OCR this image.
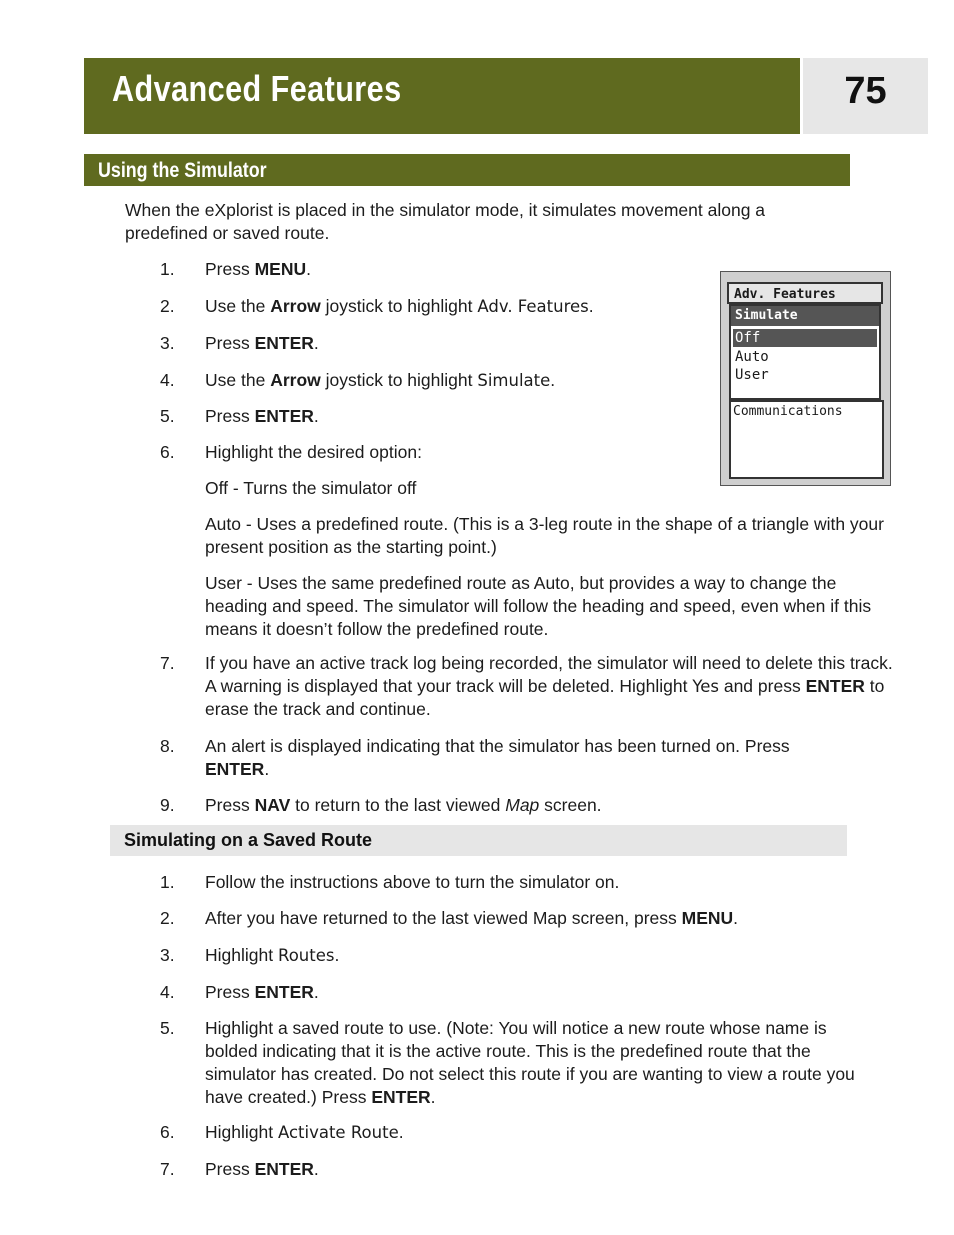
Advanced Features	75
Using the Simulator
When the eXplorist is placed in the simulator mode, it simulates movement along a predefined or saved route.
1.	Press MENU.
2.	Use the Arrow joystick to highlight Adv. Features.
3.	Press ENTER.
4.	Use the Arrow joystick to highlight Simulate.
5.	Press ENTER.
6.	Highlight the desired option:
Off - Turns the simulator off
Auto - Uses a predefined route. (This is a 3-leg route in the shape of a triangle with your present position as the starting point.)
User - Uses the same predefined route as Auto, but provides a way to change the heading and speed. The simulator will follow the heading and speed, even when if this means it doesn’t follow the predefined route.
7.	If you have an active track log being recorded, the simulator will need to delete this track. A warning is displayed that your track will be deleted. Highlight Yes and press ENTER to erase the track and continue.
8.	An alert is displayed indicating that the simulator has been turned on. Press ENTER.
9.	Press NAV to return to the last viewed Map screen.
Adv. Features
Simulate
Off
Auto
User
Communications
Simulating on a Saved Route
1.	Follow the instructions above to turn the simulator on.
2.	After you have returned to the last viewed Map screen, press MENU.
3.	Highlight Routes.
4.	Press ENTER.
5.	Highlight a saved route to use. (Note: You will notice a new route whose name is bolded indicating that it is the active route. This is the predefined route that the simulator has created. Do not select this route if you are wanting to view a route you have created.) Press ENTER.
6.	Highlight Activate Route.
7.	Press ENTER.
